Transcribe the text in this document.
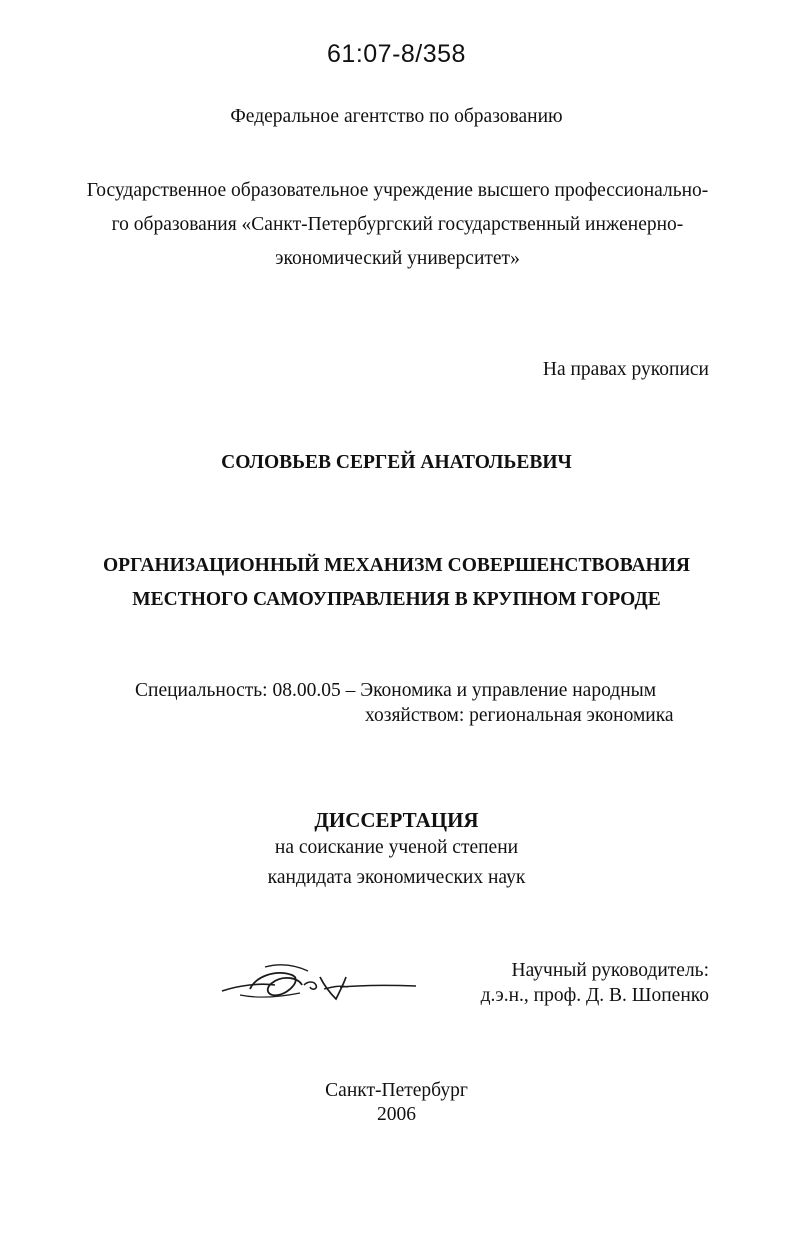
61:07-8/358
Федеральное агентство по образованию
Государственное образовательное учреждение высшего профессионально-
го образования «Санкт-Петербургский государственный инженерно-
экономический университет»
На правах рукописи
СОЛОВЬЕВ СЕРГЕЙ АНАТОЛЬЕВИЧ
ОРГАНИЗАЦИОННЫЙ МЕХАНИЗМ СОВЕРШЕНСТВОВАНИЯ
МЕСТНОГО САМОУПРАВЛЕНИЯ В КРУПНОМ ГОРОДЕ
Специальность: 08.00.05 – Экономика и управление народным
хозяйством: региональная экономика
ДИССЕРТАЦИЯ
на соискание ученой степени
кандидата экономических наук
Научный руководитель:
д.э.н., проф. Д. В. Шопенко
Санкт-Петербург
2006
